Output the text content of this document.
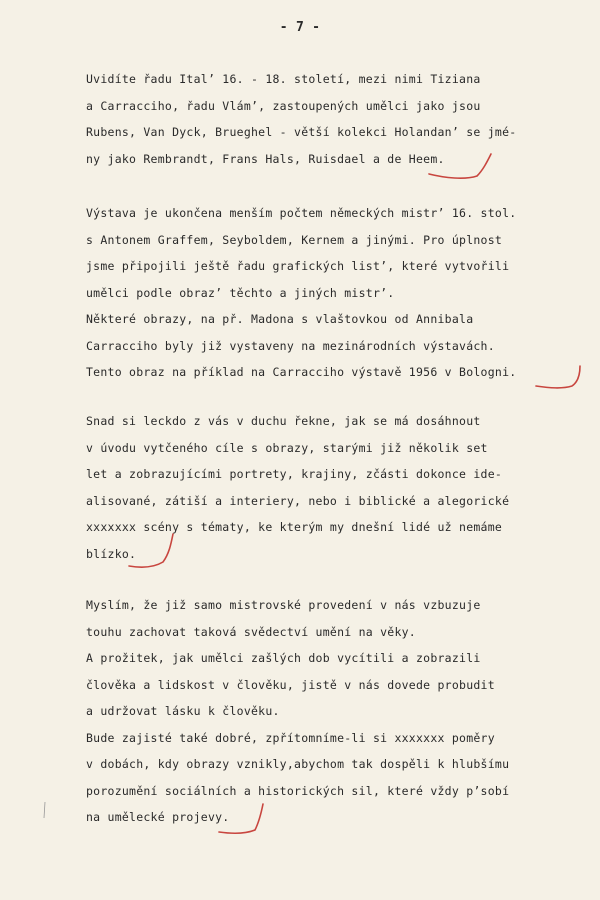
- 7 -
Uvidíte řadu Ital’ 16. - 18. století, mezi nimi Tiziana
a Carracciho, řadu Vlám’, zastoupených umělci jako jsou
Rubens, Van Dyck, Brueghel - větší kolekci Holandan’ se jmé-
ny jako Rembrandt, Frans Hals, Ruisdael a de Heem.
Výstava je ukončena menším počtem německých mistr’ 16. stol.
s Antonem Graffem, Seyboldem, Kernem a jinými. Pro úplnost
jsme připojili ještě řadu grafických list’, které vytvořili
umělci podle obraz’ těchto a jiných mistr’.
Některé obrazy, na př. Madona s vlaštovkou od Annibala
Carracciho byly již vystaveny na mezinárodních výstavách.
Tento obraz na příklad na Carracciho výstavě 1956 v Bologni.
Snad si leckdo z vás v duchu řekne, jak se má dosáhnout
v úvodu vytčeného cíle s obrazy, starými již několik set
let a zobrazujícími portrety, krajiny, zčásti dokonce ide-
alisované, zátiší a interiery, nebo i biblické a alegorické
xxxxxxx scény s tématy, ke kterým my dnešní lidé už nemáme
blízko.
Myslím, že již samo mistrovské provedení v nás vzbuzuje
touhu zachovat taková svědectví umění na věky.
A prožitek, jak umělci zašlých dob vycítili a zobrazili
člověka a lidskost v člověku, jistě v nás dovede probudit
a udržovat lásku k člověku.
Bude zajisté také dobré, zpřítomníme-li si xxxxxxx poměry
v dobách, kdy obrazy vznikly,abychom tak dospěli k hlubšímu
porozumění sociálních a historických sil, které vždy p’sobí
na umělecké projevy.
